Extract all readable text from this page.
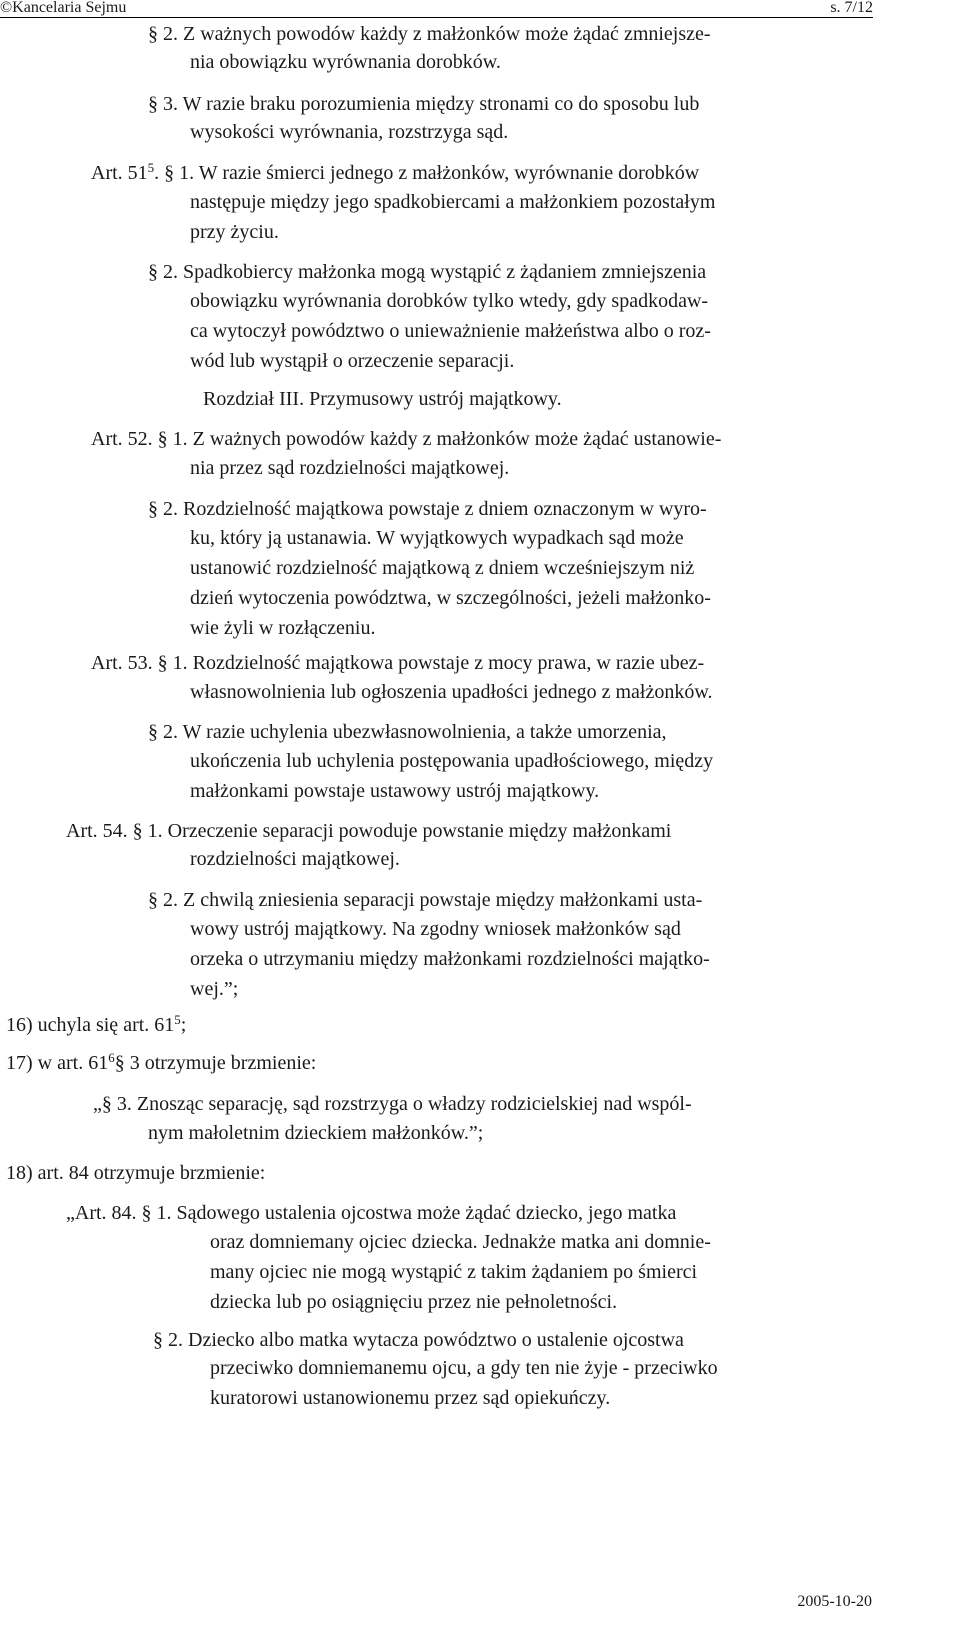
©Kancelaria Sejmu	s. 7/12
§ 2. Z ważnych powodów każdy z małżonków może żądać zmniejsze-
nia obowiązku wyrównania dorobków.
§ 3. W razie braku porozumienia między stronami co do sposobu lub
wysokości wyrównania, rozstrzyga sąd.
Art. $51^5$. § 1. W razie śmierci jednego z małżonków, wyrównanie dorobków
następuje między jego spadkobiercami a małżonkiem pozostałym
przy życiu.
§ 2. Spadkobiercy małżonka mogą wystąpić z żądaniem zmniejszenia
obowiązku wyrównania dorobków tylko wtedy, gdy spadkodaw-
ca wytoczył powództwo o unieważnienie małżeństwa albo o roz-
wód lub wystąpił o orzeczenie separacji.
Rozdział III. Przymusowy ustrój majątkowy.
Art. 52. § 1. Z ważnych powodów każdy z małżonków może żądać ustanowie-
nia przez sąd rozdzielności majątkowej.
§ 2. Rozdzielność majątkowa powstaje z dniem oznaczonym w wyro-
ku, który ją ustanawia. W wyjątkowych wypadkach sąd może
ustanowić rozdzielność majątkową z dniem wcześniejszym niż
dzień wytoczenia powództwa, w szczególności, jeżeli małżonko-
wie żyli w rozłączeniu.
Art. 53. § 1. Rozdzielność majątkowa powstaje z mocy prawa, w razie ubez-
własnowolnienia lub ogłoszenia upadłości jednego z małżonków.
§ 2. W razie uchylenia ubezwłasnowolnienia, a także umorzenia,
ukończenia lub uchylenia postępowania upadłościowego, między
małżonkami powstaje ustawowy ustrój majątkowy.
Art. 54. § 1. Orzeczenie separacji powoduje powstanie między małżonkami
rozdzielności majątkowej.
§ 2. Z chwilą zniesienia separacji powstaje między małżonkami usta-
wowy ustrój majątkowy. Na zgodny wniosek małżonków sąd
orzeka o utrzymaniu między małżonkami rozdzielności majątko-
wej.”;
16) uchyla się art. $61^5$;
17) w art. $61^6\S$ 3 otrzymuje brzmienie:
„§ 3. Znosząc separację, sąd rozstrzyga o władzy rodzicielskiej nad wspól-
nym małoletnim dzieckiem małżonków.”;
18) art. 84 otrzymuje brzmienie:
„Art. 84. § 1. Sądowego ustalenia ojcostwa może żądać dziecko, jego matka
oraz domniemany ojciec dziecka. Jednakże matka ani domnie-
many ojciec nie mogą wystąpić z takim żądaniem po śmierci
dziecka lub po osiągnięciu przez nie pełnoletności.
§ 2. Dziecko albo matka wytacza powództwo o ustalenie ojcostwa
przeciwko domniemanemu ojcu, a gdy ten nie żyje - przeciwko
kuratorowi ustanowionemu przez sąd opiekuńczy.
2005-10-20
